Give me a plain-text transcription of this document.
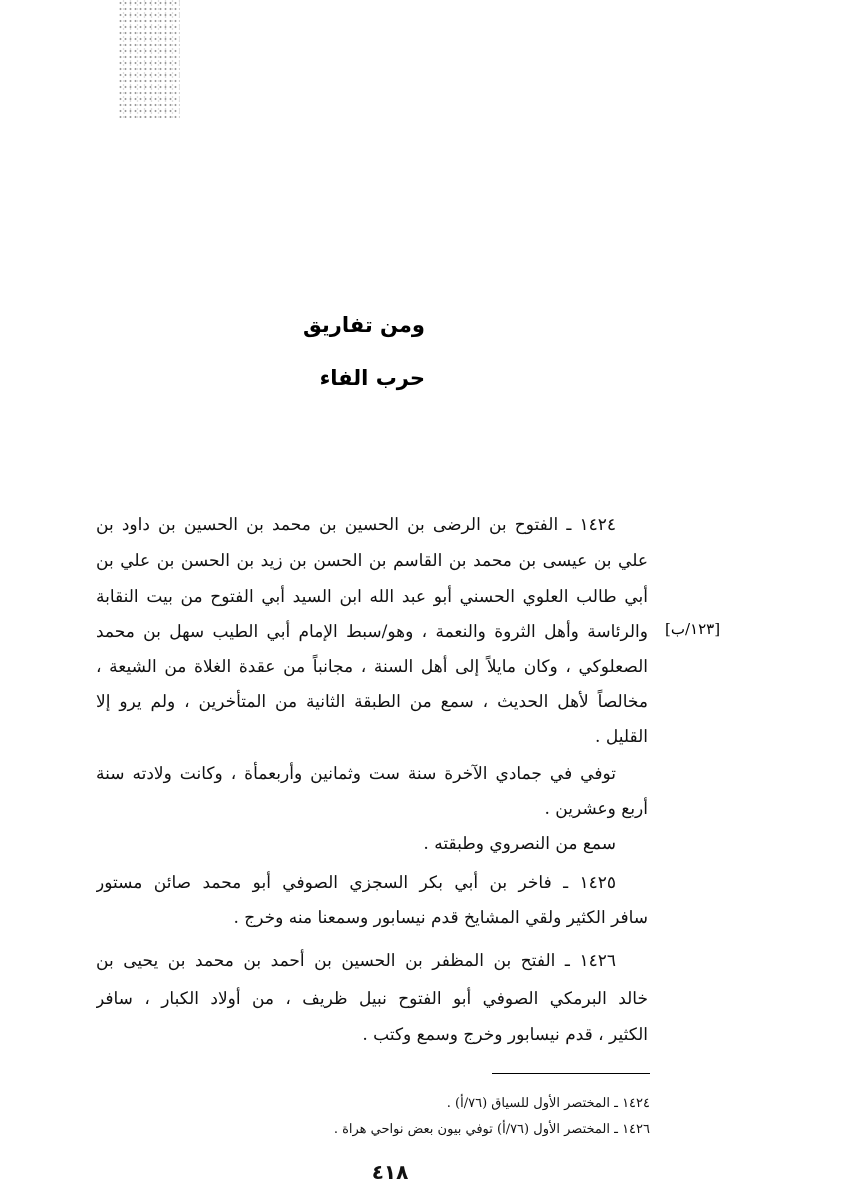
ومن تفاريق
حرب الفاء
[١٢٣/ب]
١٤٢٤ ـ الفتوح بن الرضى بن الحسين بن محمد بن الحسين بن داود بن
علي بن عيسى بن محمد بن القاسم بن الحسن بن زيد بن الحسن بن علي بن
أبي طالب العلوي الحسني أبو عبد الله ابن السيد أبي الفتوح من بيت النقابة
والرئاسة وأهل الثروة والنعمة ، وهو/سبط الإمام أبي الطيب سهل بن محمد
الصعلوكي ، وكان مايلاً إلى أهل السنة ، مجانباً من عقدة الغلاة من الشيعة ،
مخالصاً لأهل الحديث ، سمع من الطبقة الثانية من المتأخرين ، ولم يرو إلا
القليل .
توفي في جمادي الآخرة سنة ست وثمانين وأربعمأة ، وكانت ولادته سنة
أربع وعشرين .
سمع من النصروي وطبقته .
١٤٢٥ ـ فاخر بن أبي بكر السجزي الصوفي أبو محمد صائن مستور
سافر الكثير ولقي المشايخ قدم نيسابور وسمعنا منه وخرج .
١٤٢٦ ـ الفتح بن المظفر بن الحسين بن أحمد بن محمد بن يحيى بن
خالد البرمكي الصوفي أبو الفتوح نبيل ظريف ، من أولاد الكبار ، سافر
الكثير ، قدم نيسابور وخرج وسمع وكتب .
١٤٢٤ ـ المختصر الأول للسياق (٧٦/أ) .
١٤٢٦ ـ المختصر الأول (٧٦/أ) توفي بيون بعض نواحي هراة .
٤١٨
